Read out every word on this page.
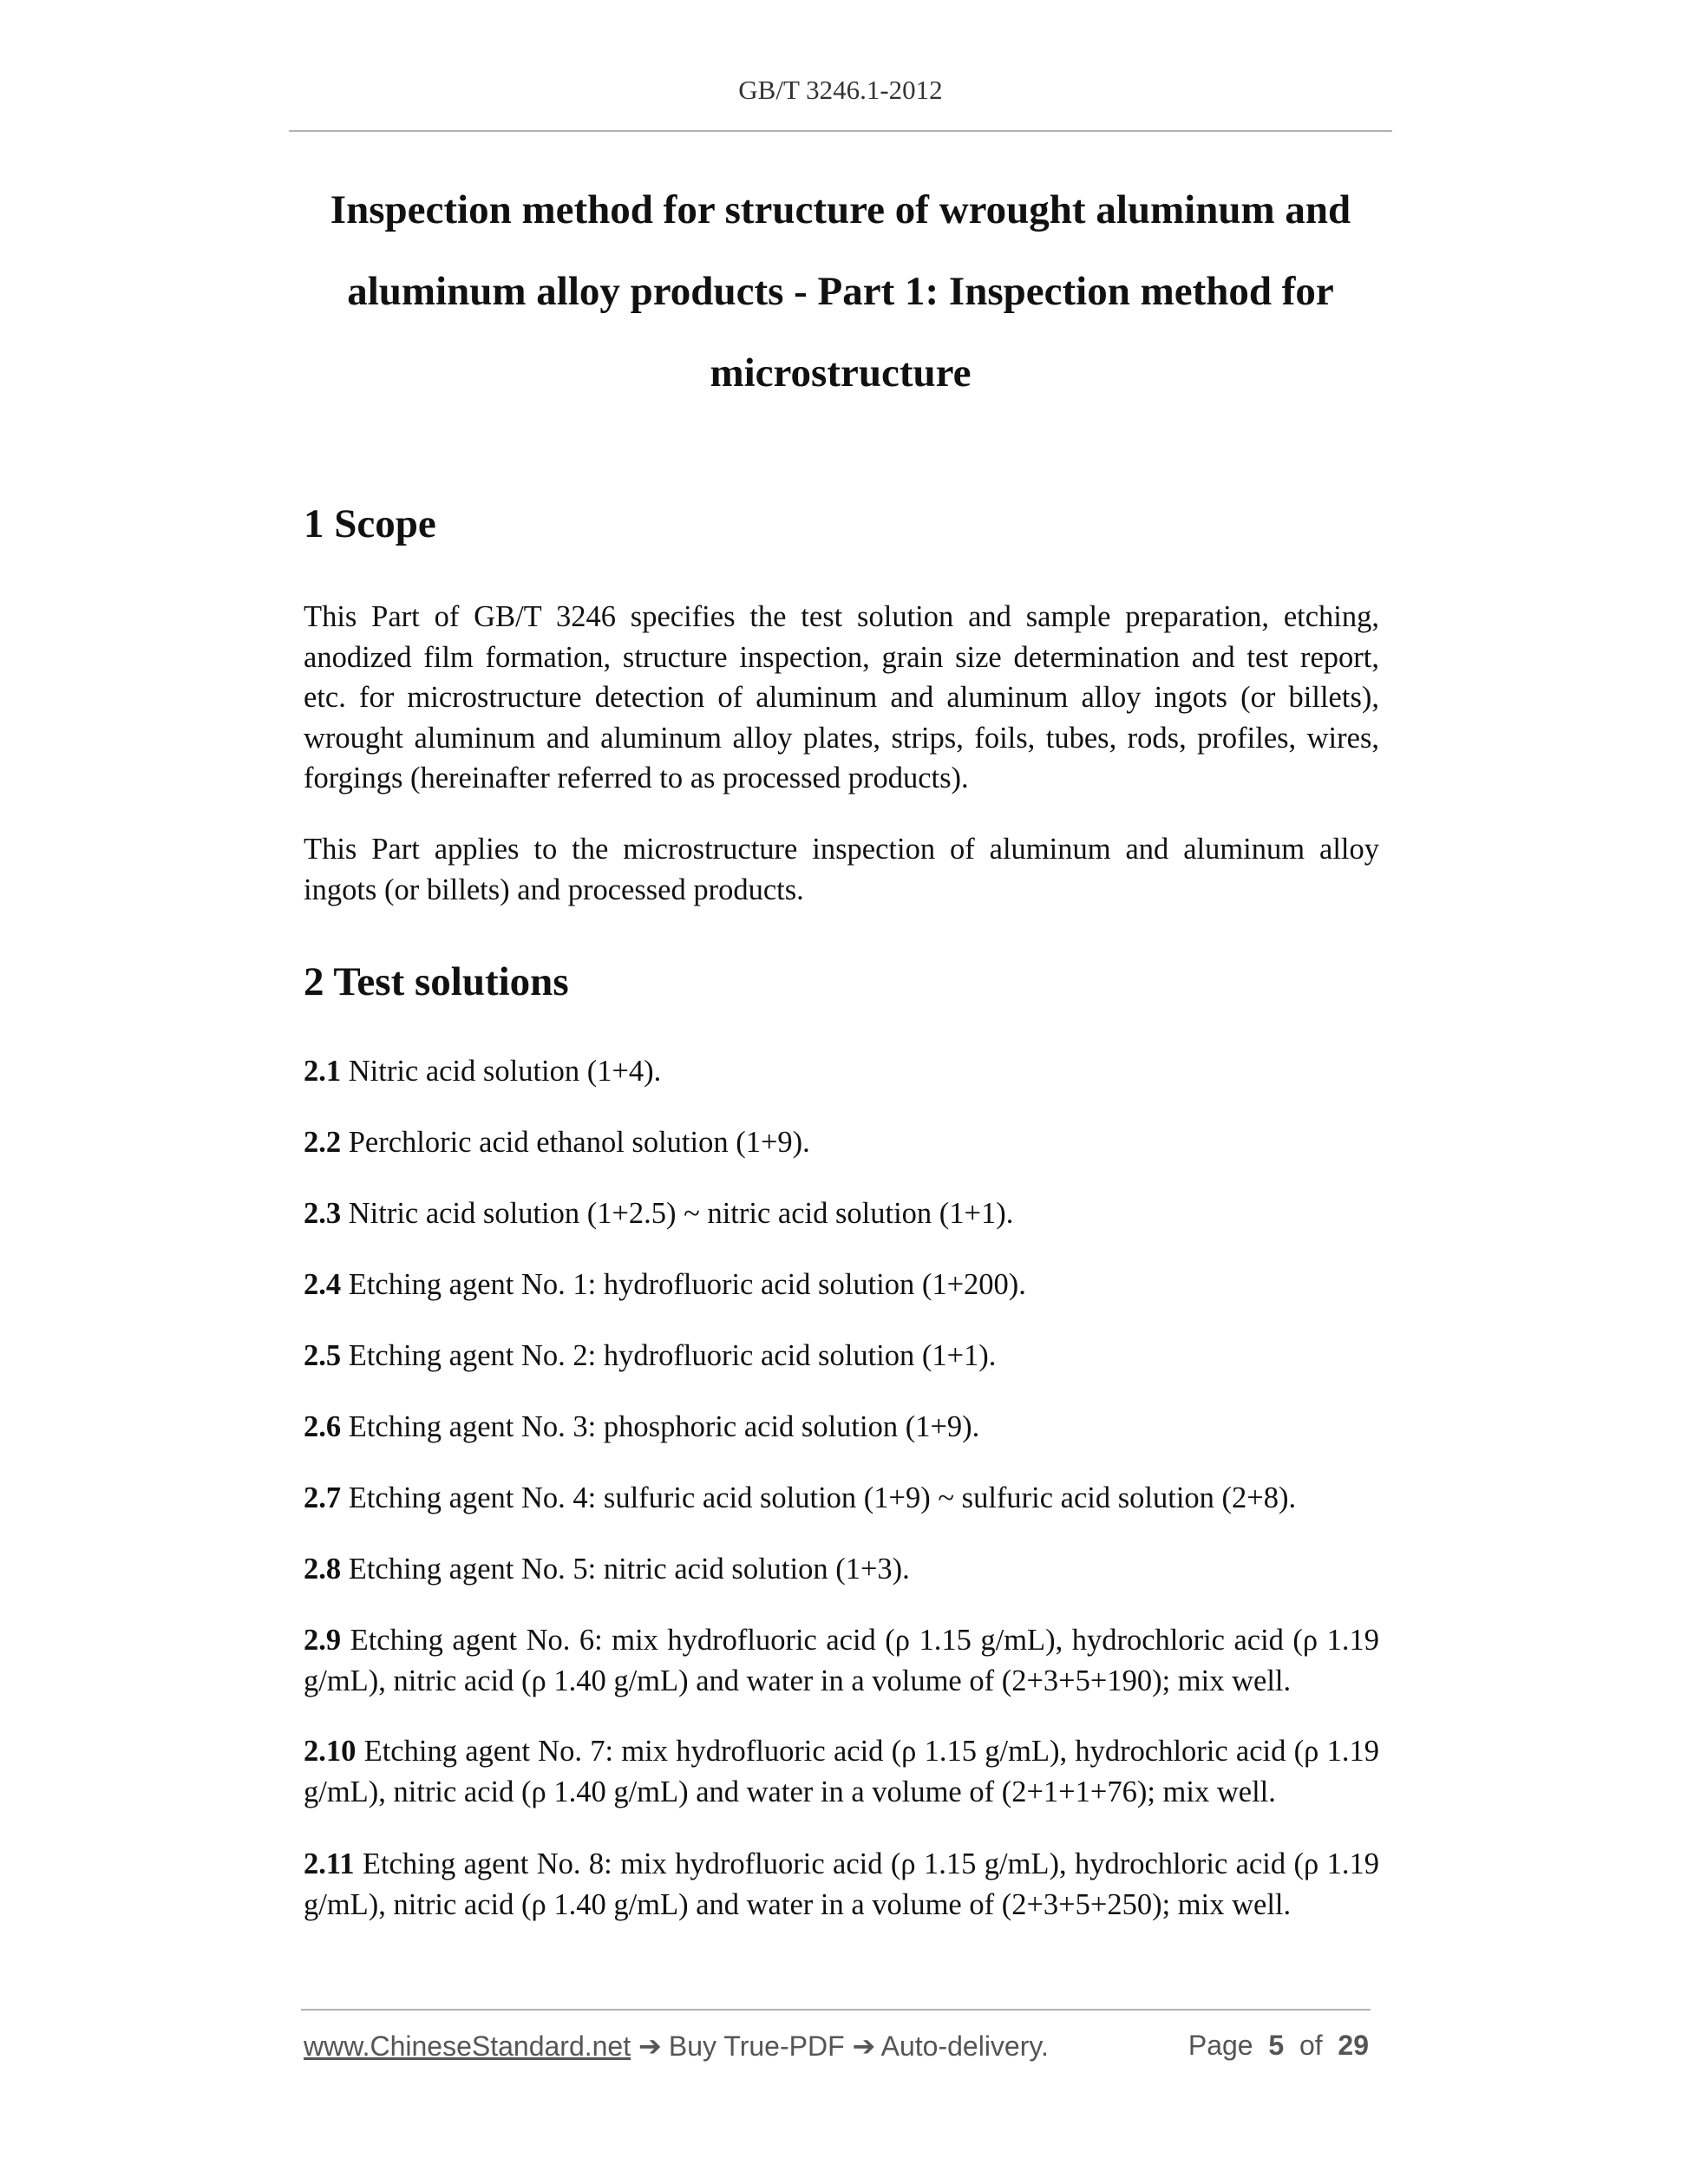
GB/T 3246.1-2012
Inspection method for structure of wrought aluminum and aluminum alloy products - Part 1: Inspection method for microstructure
1 Scope

This Part of GB/T 3246 specifies the test solution and sample preparation, etching, anodized film formation, structure inspection, grain size determination and test report, etc. for microstructure detection of aluminum and aluminum alloy ingots (or billets), wrought aluminum and aluminum alloy plates, strips, foils, tubes, rods, profiles, wires, forgings (hereinafter referred to as processed products).

This Part applies to the microstructure inspection of aluminum and aluminum alloy ingots (or billets) and processed products.

2 Test solutions

2.1 Nitric acid solution (1+4).

2.2 Perchloric acid ethanol solution (1+9).

2.3 Nitric acid solution (1+2.5) ~ nitric acid solution (1+1).

2.4 Etching agent No. 1: hydrofluoric acid solution (1+200).

2.5 Etching agent No. 2: hydrofluoric acid solution (1+1).

2.6 Etching agent No. 3: phosphoric acid solution (1+9).

2.7 Etching agent No. 4: sulfuric acid solution (1+9) ~ sulfuric acid solution (2+8).

2.8 Etching agent No. 5: nitric acid solution (1+3).

2.9 Etching agent No. 6: mix hydrofluoric acid (ρ 1.15 g/mL), hydrochloric acid (ρ 1.19 g/mL), nitric acid (ρ 1.40 g/mL) and water in a volume of (2+3+5+190); mix well.

2.10 Etching agent No. 7: mix hydrofluoric acid (ρ 1.15 g/mL), hydrochloric acid (ρ 1.19 g/mL), nitric acid (ρ 1.40 g/mL) and water in a volume of (2+1+1+76); mix well.

2.11 Etching agent No. 8: mix hydrofluoric acid (ρ 1.15 g/mL), hydrochloric acid (ρ 1.19 g/mL), nitric acid (ρ 1.40 g/mL) and water in a volume of (2+3+5+250); mix well.

www.ChineseStandard.net ➔ Buy True-PDF ➔ Auto-delivery.	Page 5 of 29
